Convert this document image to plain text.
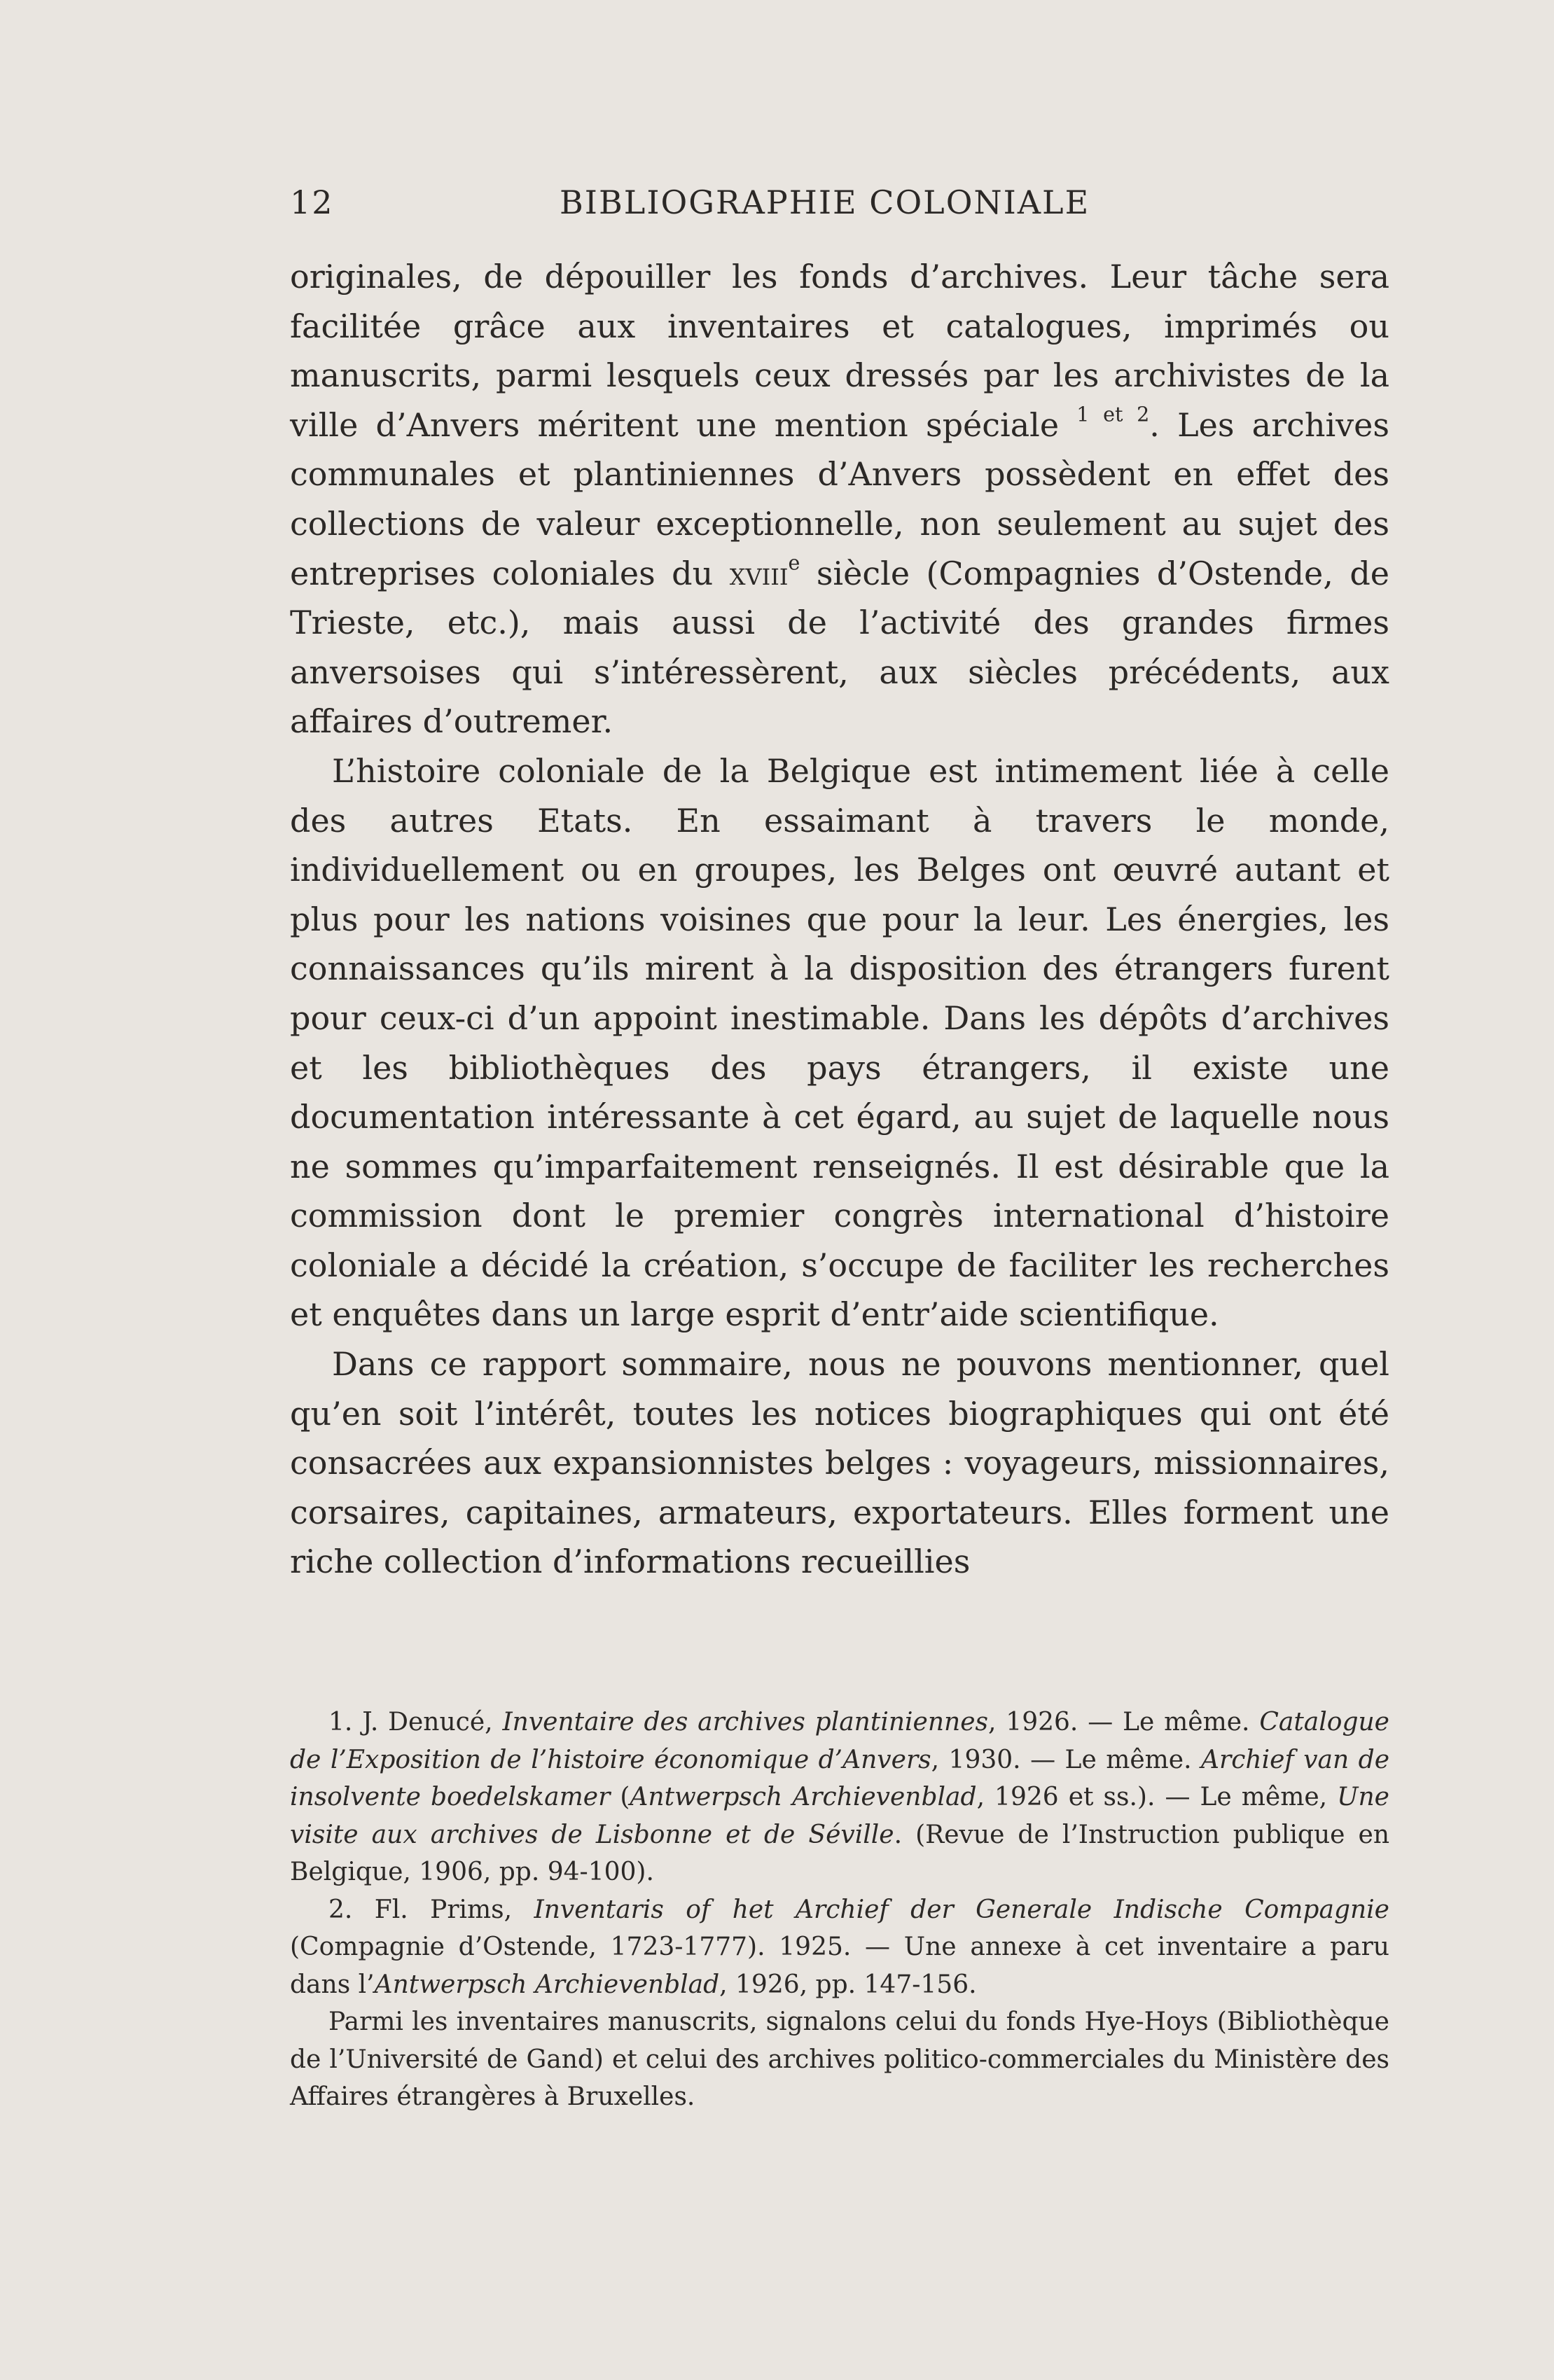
12	BIBLIOGRAPHIE COLONIALE

originales, de dépouiller les fonds d’archives. Leur tâche sera facilitée grâce aux inventaires et catalogues, imprimés ou manuscrits, parmi lesquels ceux dressés par les archivistes de la ville d’Anvers méritent une mention spéciale $^{1 et 2}$. Les archives communales et plantiniennes d’Anvers possèdent en effet des collections de valeur exceptionnelle, non seulement au sujet des entreprises coloniales du xviii$^e$ siècle (Compagnies d’Ostende, de Trieste, etc.), mais aussi de l’activité des grandes firmes anversoises qui s’intéressèrent, aux siècles précédents, aux affaires d’outremer.

L’histoire coloniale de la Belgique est intimement liée à celle des autres Etats. En essaimant à travers le monde, individuellement ou en groupes, les Belges ont œuvré autant et plus pour les nations voisines que pour la leur. Les énergies, les connaissances qu’ils mirent à la disposition des étrangers furent pour ceux-ci d’un appoint inestimable. Dans les dépôts d’archives et les bibliothèques des pays étrangers, il existe une documentation intéressante à cet égard, au sujet de laquelle nous ne sommes qu’imparfaitement renseignés. Il est désirable que la commission dont le premier congrès international d’histoire coloniale a décidé la création, s’occupe de faciliter les recherches et enquêtes dans un large esprit d’entr’aide scientifique.

Dans ce rapport sommaire, nous ne pouvons mentionner, quel qu’en soit l’intérêt, toutes les notices biographiques qui ont été consacrées aux expansionnistes belges : voyageurs, missionnaires, corsaires, capitaines, armateurs, exportateurs. Elles forment une riche collection d’informations recueillies

1. J. Denucé, Inventaire des archives plantiniennes, 1926. — Le même. Catalogue de l’Exposition de l’histoire économique d’Anvers, 1930. — Le même. Archief van de insolvente boedelskamer (Antwerpsch Archievenblad, 1926 et ss.). — Le même, Une visite aux archives de Lisbonne et de Séville. (Revue de l’Instruction publique en Belgique, 1906, pp. 94-100).

2. Fl. Prims, Inventaris of het Archief der Generale Indische Compagnie (Compagnie d’Ostende, 1723-1777). 1925. — Une annexe à cet inventaire a paru dans l’Antwerpsch Archievenblad, 1926, pp. 147-156.

Parmi les inventaires manuscrits, signalons celui du fonds Hye-Hoys (Bibliothèque de l’Université de Gand) et celui des archives politico-commerciales du Ministère des Affaires étrangères à Bruxelles.
